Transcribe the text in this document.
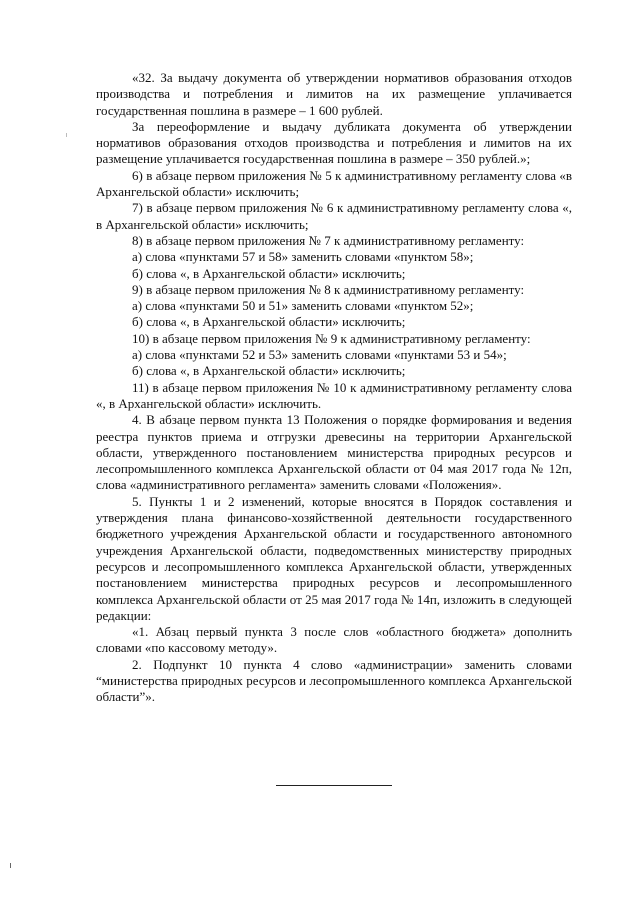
«32. За выдачу документа об утверждении нормативов образования отходов производства и потребления и лимитов на их размещение уплачивается государственная пошлина в размере – 1 600 рублей.

За переоформление и выдачу дубликата документа об утверждении нормативов образования отходов производства и потребления и лимитов на их размещение уплачивается государственная пошлина в размере – 350 рублей.»;

6) в абзаце первом приложения № 5 к административному регламенту слова «в Архангельской области» исключить;

7) в абзаце первом приложения № 6 к административному регламенту слова «, в Архангельской области» исключить;

8) в абзаце первом приложения № 7 к административному регламенту:

а) слова «пунктами 57 и 58» заменить словами «пунктом 58»;

б) слова «, в Архангельской области» исключить;

9) в абзаце первом приложения № 8 к административному регламенту:

а) слова «пунктами 50 и 51» заменить словами «пунктом 52»;

б) слова «, в Архангельской области» исключить;

10) в абзаце первом приложения № 9 к административному регламенту:

а) слова «пунктами 52 и 53» заменить словами «пунктами 53 и 54»;

б) слова «, в Архангельской области» исключить;

11) в абзаце первом приложения № 10 к административному регламенту слова «, в Архангельской области» исключить.

4. В абзаце первом пункта 13 Положения о порядке формирования и ведения реестра пунктов приема и отгрузки древесины на территории Архангельской области, утвержденного постановлением министерства природных ресурсов и лесопромышленного комплекса Архангельской области от 04 мая 2017 года № 12п, слова «административного регламента» заменить словами «Положения».

5. Пункты 1 и 2 изменений, которые вносятся в Порядок составления и утверждения плана финансово-хозяйственной деятельности государственного бюджетного учреждения Архангельской области и государственного автономного учреждения Архангельской области, подведомственных министерству природных ресурсов и лесопромышленного комплекса Архангельской области, утвержденных постановлением министерства природных ресурсов и лесопромышленного комплекса Архангельской области от 25 мая 2017 года № 14п, изложить в следующей редакции:

«1. Абзац первый пункта 3 после слов «областного бюджета» дополнить словами «по кассовому методу».

2. Подпункт 10 пункта 4 слово «администрации» заменить словами “министерства природных ресурсов и лесопромышленного комплекса Архангельской области”».
